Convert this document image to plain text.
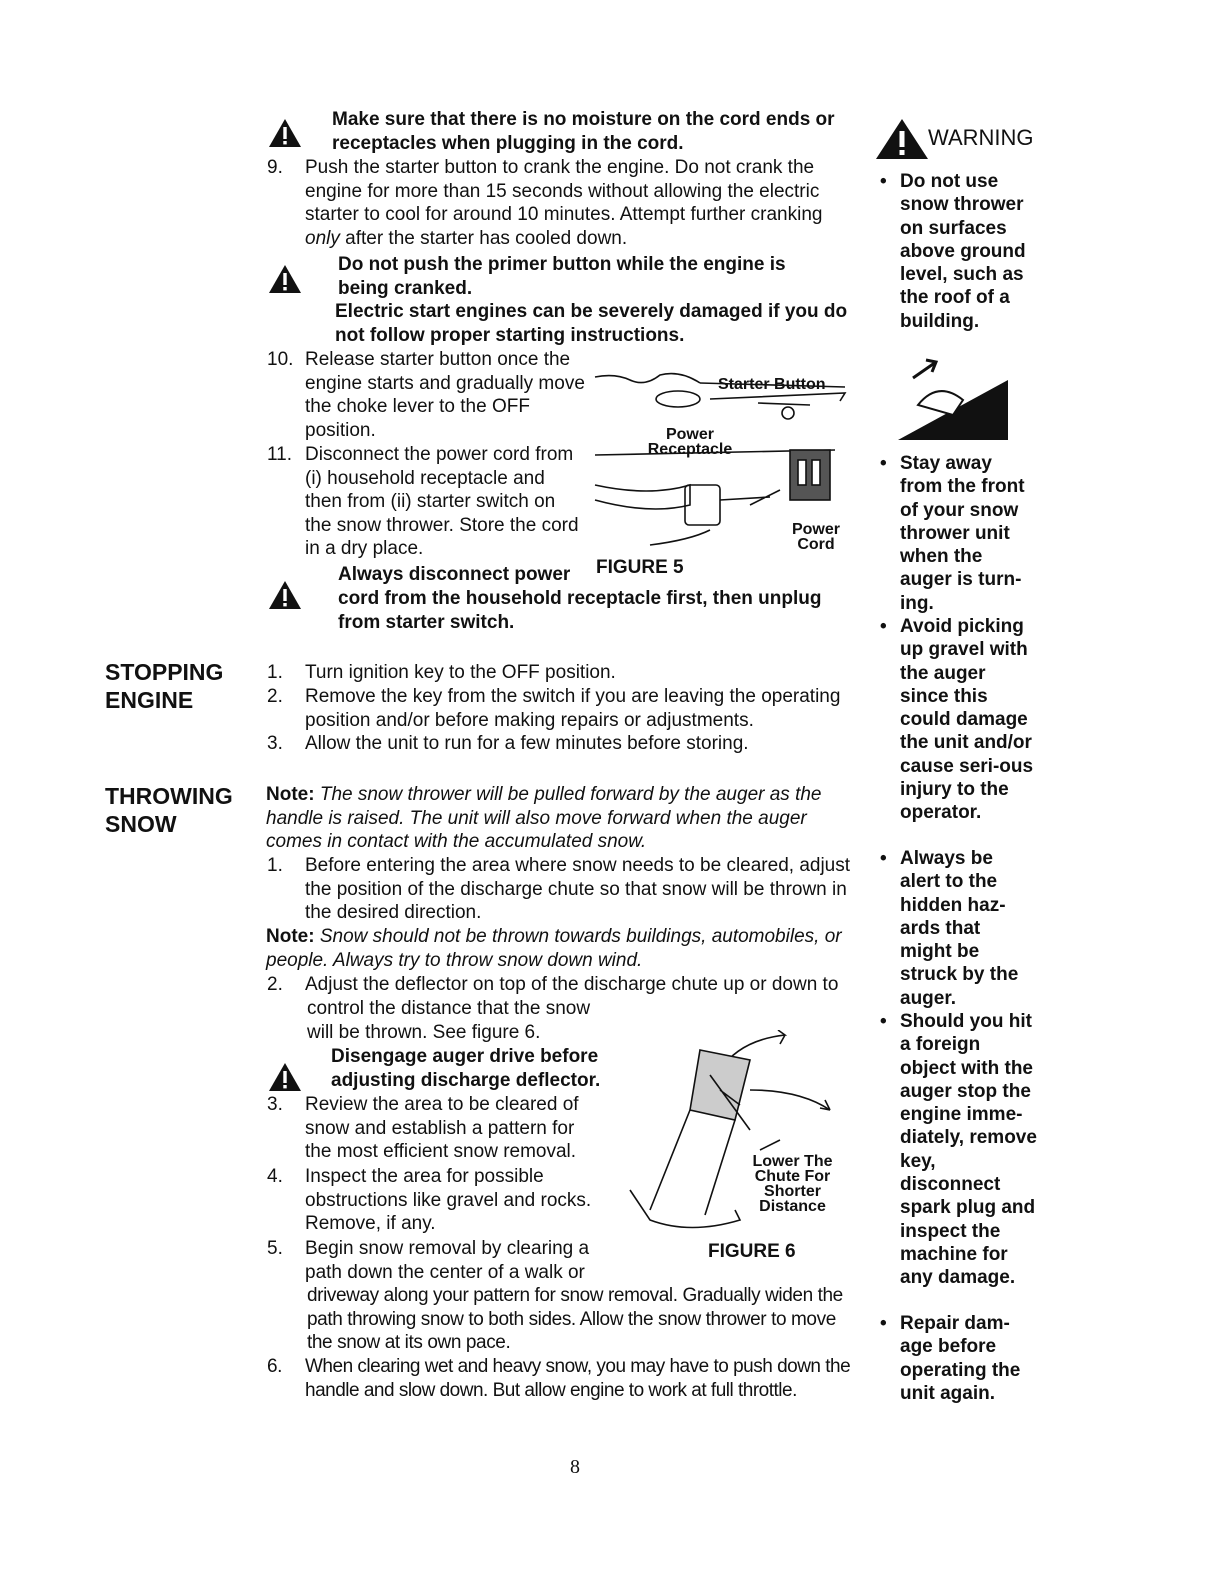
Make sure that there is no moisture on the cord ends or receptacles when plugging in the cord.
9. Push the starter button to crank the engine. Do not crank the engine for more than 15 seconds without allowing the electric starter to cool for around 10 minutes. Attempt further cranking only after the starter has cooled down.
Do not push the primer button while the engine is being cranked.
Electric start engines can be severely damaged if you do not follow proper starting instructions.
10. Release starter button once the engine starts and gradually move the choke lever to the OFF position.
11. Disconnect the power cord from (i) household receptacle and then from (ii) starter switch on the snow thrower. Store the cord in a dry place.
Starter Button
Power Receptacle
Power Cord
FIGURE 5
Always disconnect power
cord from the household receptacle first, then unplug from starter switch.
STOPPING ENGINE
1. Turn ignition key to the OFF position.
2. Remove the key from the switch if you are leaving the operating position and/or before making repairs or adjustments.
3. Allow the unit to run for a few minutes before storing.
THROWING SNOW
Note: The snow thrower will be pulled forward by the auger as the handle is raised. The unit will also move forward when the auger comes in contact with the accumulated snow.
1. Before entering the area where snow needs to be cleared, adjust the position of the discharge chute so that snow will be thrown in the desired direction.
Note: Snow should not be thrown towards buildings, automobiles, or people. Always try to throw snow down wind.
2. Adjust the deflector on top of the discharge chute up or down to
control the distance that the snow will be thrown. See figure 6.
Disengage auger drive before adjusting discharge deflector.
3. Review the area to be cleared of snow and establish a pattern for the most efficient snow removal.
4. Inspect the area for possible obstructions like gravel and rocks. Remove, if any.
5. Begin snow removal by clearing a path down the center of a walk or
driveway along your pattern for snow removal. Gradually widen the path throwing snow to both sides. Allow the snow thrower to move the snow at its own pace.
6. When clearing wet and heavy snow, you may have to push down the handle and slow down. But allow engine to work at full throttle.
Lower The Chute For Shorter Distance
FIGURE 6
WARNING
• Do not use snow thrower on surfaces above ground level, such as the roof of a building.
• Stay away from the front of your snow thrower unit when the auger is turn-ing.
• Avoid picking up gravel with the auger since this could damage the unit and/or cause seri-ous injury to the operator.
• Always be alert to the hidden haz-ards that might be struck by the auger.
• Should you hit a foreign object with the auger stop the engine imme-diately, remove key, disconnect spark plug and inspect the machine for any damage.
• Repair dam-age before operating the unit again.
8
